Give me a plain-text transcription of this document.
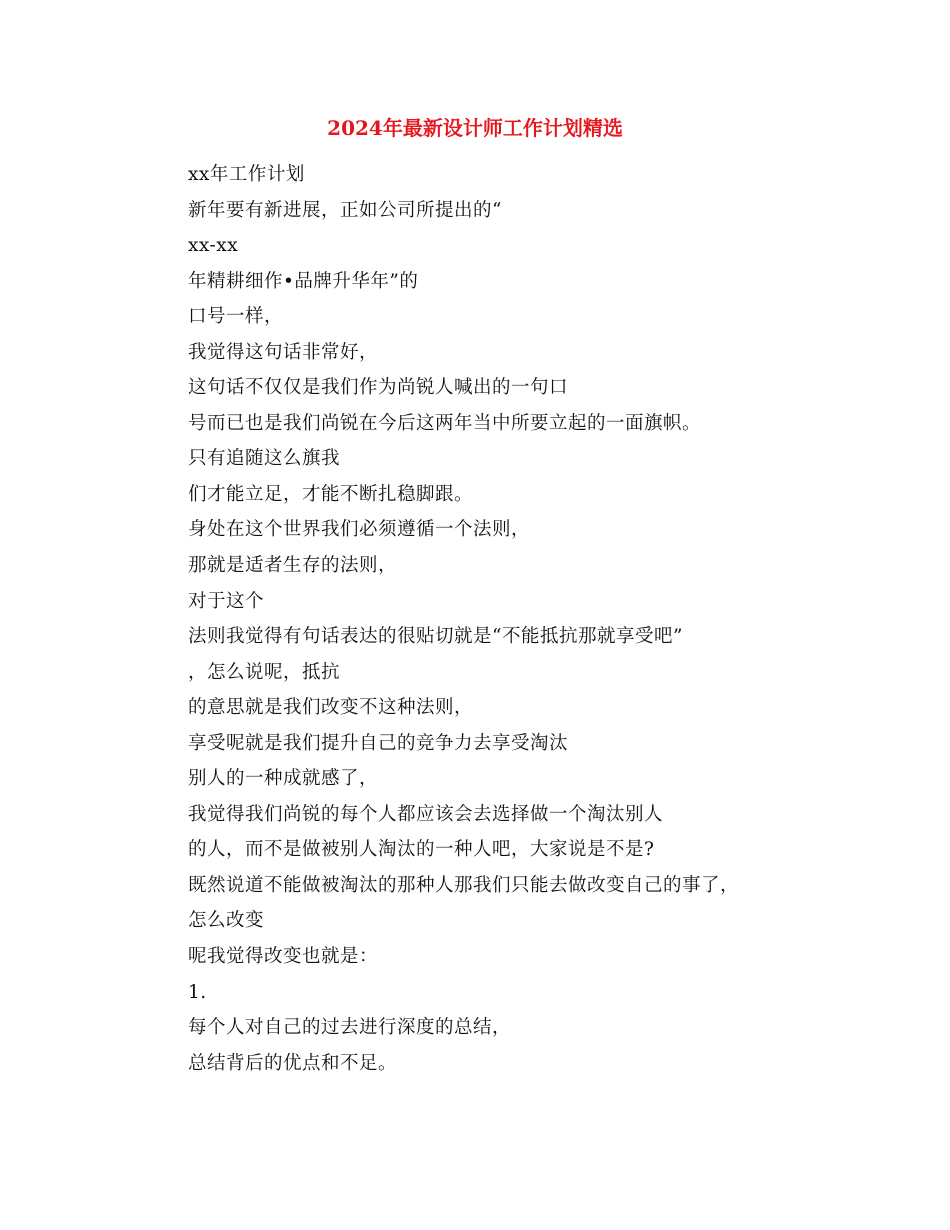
2024年最新设计师工作计划精选
xx年工作计划
新年要有新进展，正如公司所提出的“
xx-xx
年精耕细作•品牌升华年”的
口号一样，
我觉得这句话非常好，
这句话不仅仅是我们作为尚锐人喊出的一句口
号而已也是我们尚锐在今后这两年当中所要立起的一面旗帜。
只有追随这么旗我
们才能立足，才能不断扎稳脚跟。
身处在这个世界我们必须遵循一个法则，
那就是适者生存的法则，
对于这个
法则我觉得有句话表达的很贴切就是“不能抵抗那就享受吧”
，怎么说呢，抵抗
的意思就是我们改变不这种法则，
享受呢就是我们提升自己的竞争力去享受淘汰
别人的一种成就感了，
我觉得我们尚锐的每个人都应该会去选择做一个淘汰别人
的人，而不是做被别人淘汰的一种人吧，大家说是不是?
既然说道不能做被淘汰的那种人那我们只能去做改变自己的事了，
怎么改变
呢我觉得改变也就是：
1.
每个人对自己的过去进行深度的总结，
总结背后的优点和不足。
